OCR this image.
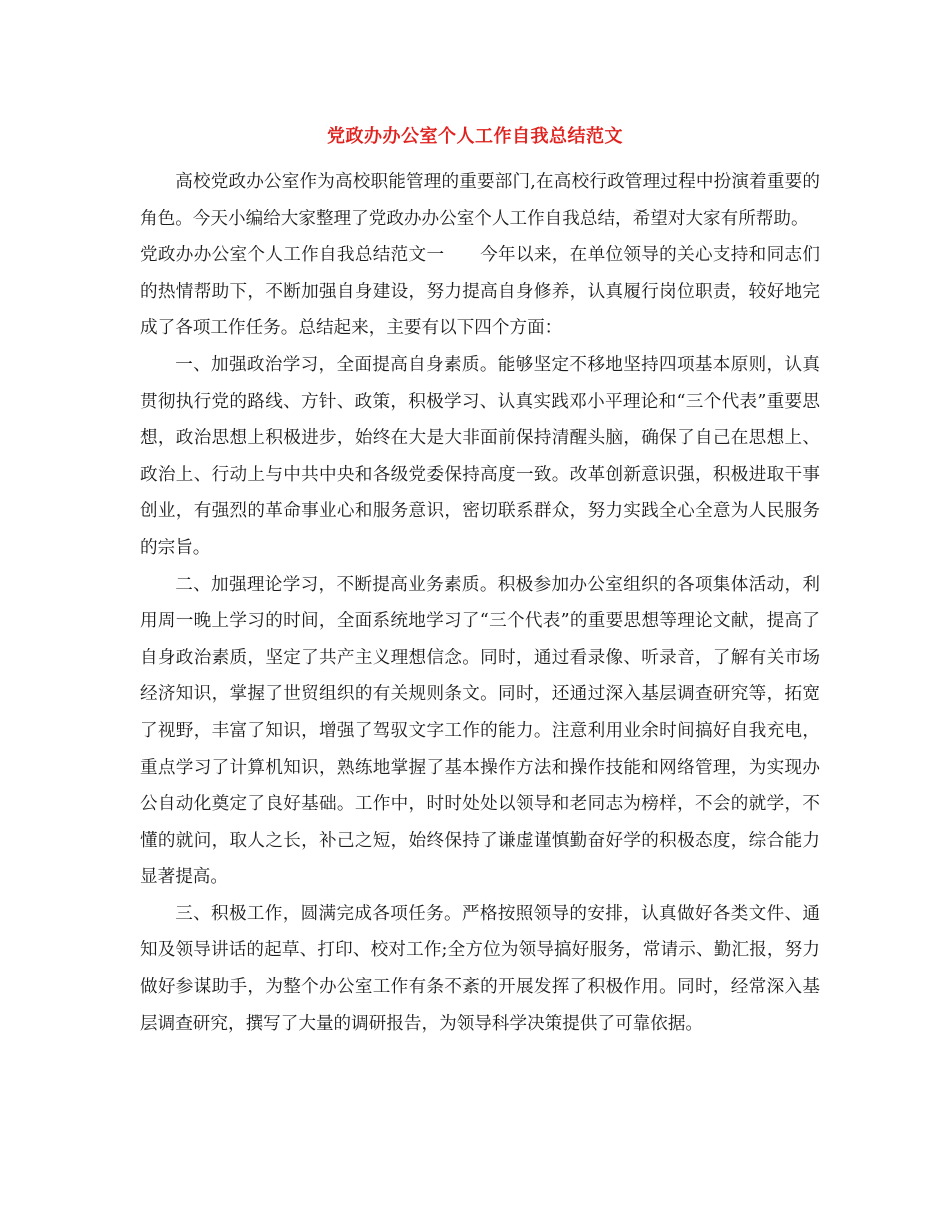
党政办办公室个人工作自我总结范文

高校党政办公室作为高校职能管理的重要部门,在高校行政管理过程中扮演着重要的角色。今天小编给大家整理了党政办办公室个人工作自我总结，希望对大家有所帮助。

党政办办公室个人工作自我总结范文一　　今年以来，在单位领导的关心支持和同志们的热情帮助下，不断加强自身建设，努力提高自身修养，认真履行岗位职责，较好地完成了各项工作任务。总结起来，主要有以下四个方面：

一、加强政治学习，全面提高自身素质。能够坚定不移地坚持四项基本原则，认真贯彻执行党的路线、方针、政策，积极学习、认真实践邓小平理论和“三个代表”重要思想，政治思想上积极进步，始终在大是大非面前保持清醒头脑，确保了自己在思想上、政治上、行动上与中共中央和各级党委保持高度一致。改革创新意识强，积极进取干事创业，有强烈的革命事业心和服务意识，密切联系群众，努力实践全心全意为人民服务的宗旨。

二、加强理论学习，不断提高业务素质。积极参加办公室组织的各项集体活动，利用周一晚上学习的时间，全面系统地学习了“三个代表”的重要思想等理论文献，提高了自身政治素质，坚定了共产主义理想信念。同时，通过看录像、听录音，了解有关市场经济知识，掌握了世贸组织的有关规则条文。同时，还通过深入基层调查研究等，拓宽了视野，丰富了知识，增强了驾驭文字工作的能力。注意利用业余时间搞好自我充电，重点学习了计算机知识，熟练地掌握了基本操作方法和操作技能和网络管理，为实现办公自动化奠定了良好基础。工作中，时时处处以领导和老同志为榜样，不会的就学，不懂的就问，取人之长，补己之短，始终保持了谦虚谨慎勤奋好学的积极态度，综合能力显著提高。

三、积极工作，圆满完成各项任务。严格按照领导的安排，认真做好各类文件、通知及领导讲话的起草、打印、校对工作;全方位为领导搞好服务，常请示、勤汇报，努力做好参谋助手，为整个办公室工作有条不紊的开展发挥了积极作用。同时，经常深入基层调查研究，撰写了大量的调研报告，为领导科学决策提供了可靠依据。
